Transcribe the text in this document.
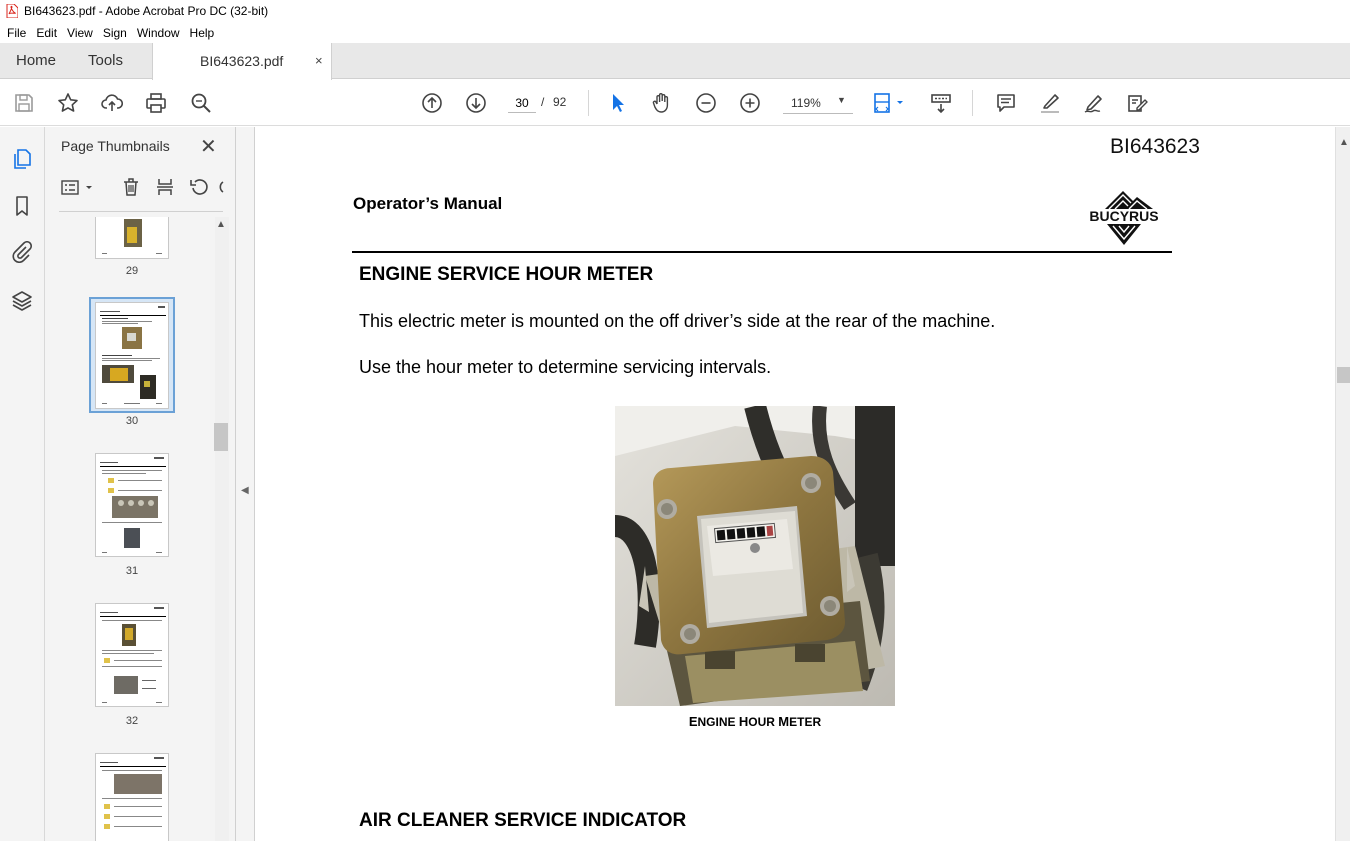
BI643623.pdf - Adobe Acrobat Pro DC (32-bit)
File Edit View Sign Window Help
Home Tools	BI643623.pdf ×
30
/ 92	119% ▼
Page Thumbnails ✕
29
30
31
32
▲
◀
BI643623
Operator’s Manual
BUCYRUS
ENGINE SERVICE HOUR METER
This electric meter is mounted on the off driver’s side at the rear of the machine.
Use the hour meter to determine servicing intervals.
ENGINE HOUR METER
AIR CLEANER SERVICE INDICATOR
▲
